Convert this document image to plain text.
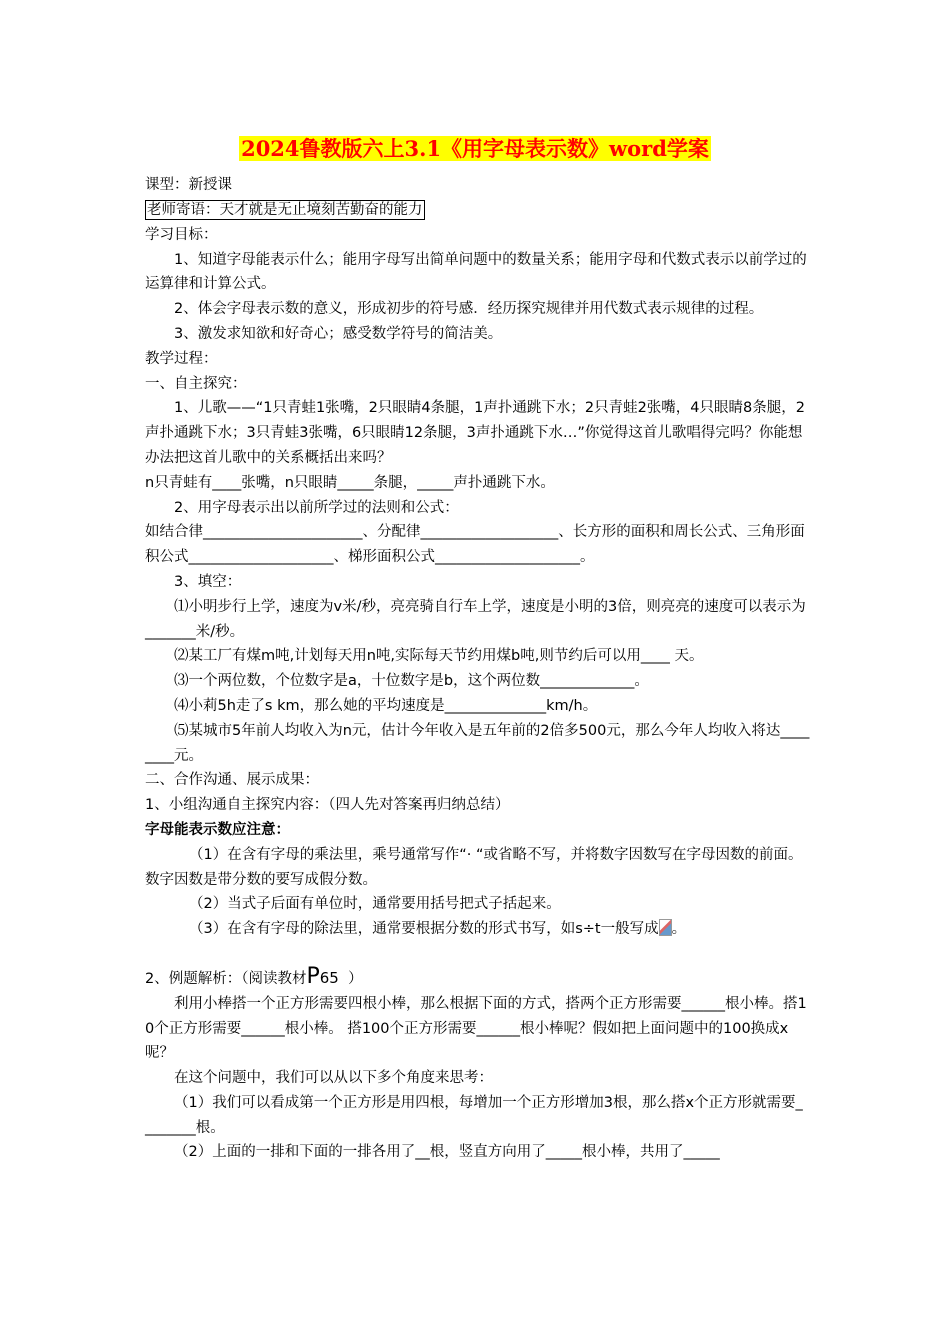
2024鲁教版六上3.1《用字母表示数》word学案

课型：新授课

老师寄语：天才就是无止境刻苦勤奋的能力

学习目标：

1、知道字母能表示什么；能用字母写出简单问题中的数量关系；能用字母和代数式表示以前学过的运算律和计算公式。

2、体会字母表示数的意义，形成初步的符号感．经历探究规律并用代数式表示规律的过程。

3、激发求知欲和好奇心；感受数学符号的简洁美。

教学过程：

一、自主探究：

1、儿歌——“1只青蛙1张嘴，2只眼睛4条腿，1声扑通跳下水；2只青蛙2张嘴，4只眼睛8条腿，2声扑通跳下水；3只青蛙3张嘴，6只眼睛12条腿，3声扑通跳下水…”你觉得这首儿歌唱得完吗？你能想办法把这首儿歌中的关系概括出来吗？

n只青蛙有____张嘴，n只眼睛_____条腿，_____声扑通跳下水。

2、用字母表示出以前所学过的法则和公式：

如结合律______________________、分配律___________________、长方形的面积和周长公式、三角形面积公式____________________、梯形面积公式____________________。

3、填空：

⑴小明步行上学，速度为v米/秒，亮亮骑自行车上学，速度是小明的3倍，则亮亮的速度可以表示为_______米/秒。

⑵某工厂有煤m吨,计划每天用n吨,实际每天节约用煤b吨,则节约后可以用____ 天。

⑶一个两位数，个位数字是a，十位数字是b，这个两位数_____________。

⑷小莉5h走了s km，那么她的平均速度是______________km/h。

⑸某城市5年前人均收入为n元，估计今年收入是五年前的2倍多500元，那么今年人均收入将达________元。

二、合作沟通、展示成果：

1、小组沟通自主探究内容：（四人先对答案再归纳总结）

字母能表示数应注意：

（1）在含有字母的乘法里，乘号通常写作“· “或省略不写，并将数字因数写在字母因数的前面。数字因数是带分数的要写成假分数。

（2）当式子后面有单位时，通常要用括号把式子括起来。

（3）在含有字母的除法里，通常要根据分数的形式书写，如s÷t一般写成 。

2、例题解析：（阅读教材P65  ）

利用小棒搭一个正方形需要四根小棒，那么根据下面的方式，搭两个正方形需要______根小棒。搭10个正方形需要______根小棒。 搭100个正方形需要______根小棒呢？假如把上面问题中的100换成x呢？

在这个问题中，我们可以从以下多个角度来思考：

（1）我们可以看成第一个正方形是用四根，每增加一个正方形增加3根，那么搭x个正方形就需要________根。

（2）上面的一排和下面的一排各用了__根，竖直方向用了_____根小棒，共用了_____
